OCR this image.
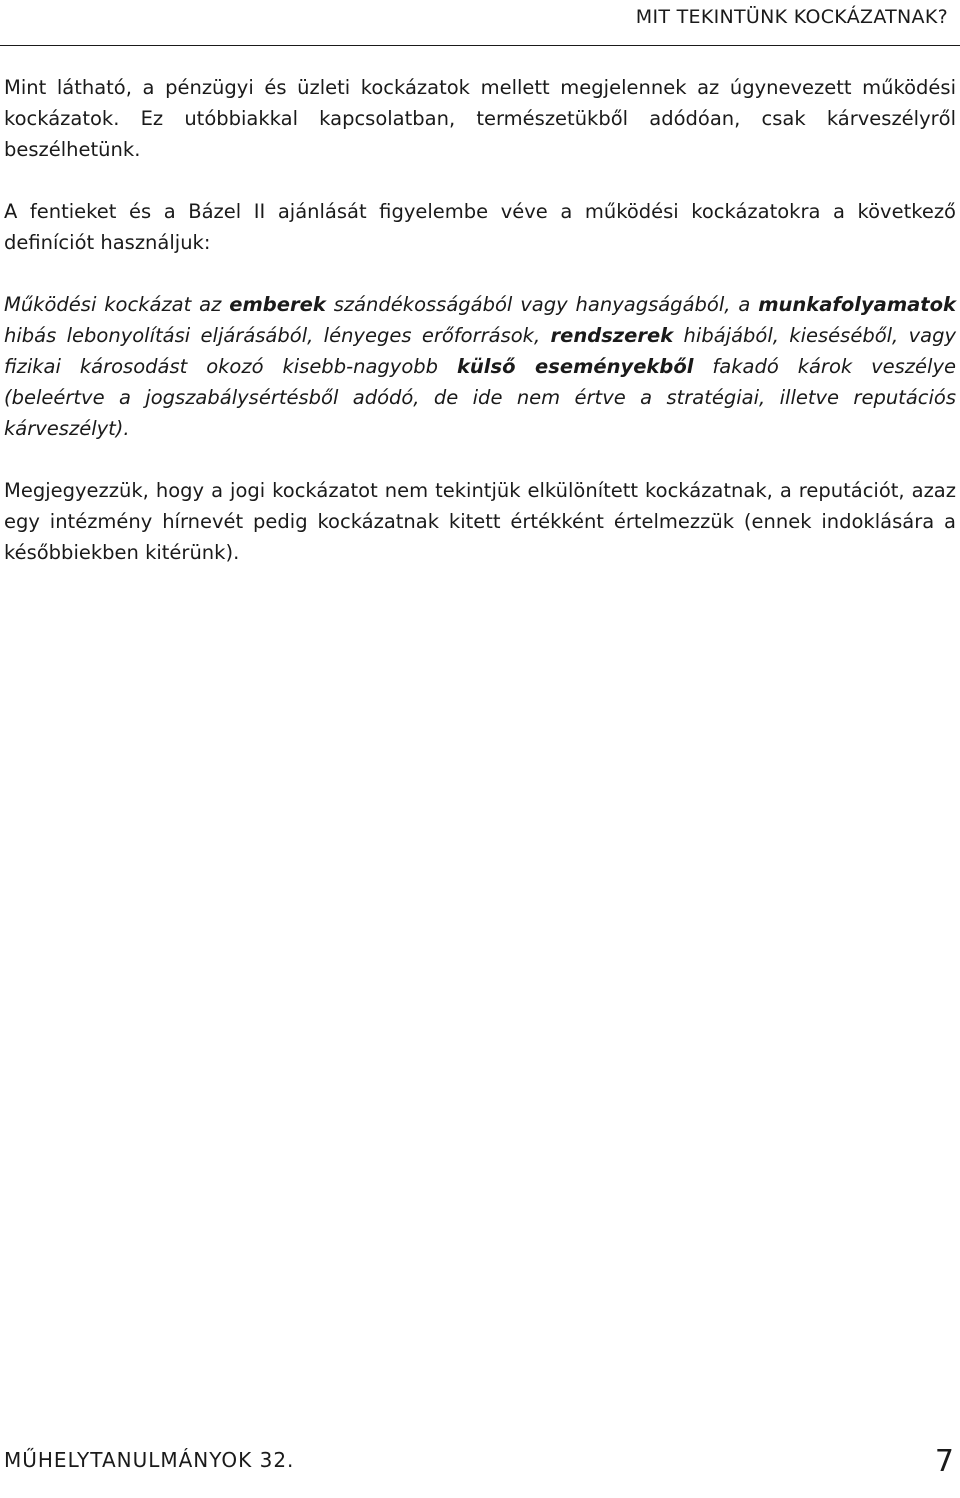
MIT TEKINTÜNK KOCKÁZATNAK?

Mint látható, a pénzügyi és üzleti kockázatok mellett megjelennek az úgynevezett működési kockázatok. Ez utóbbiakkal kapcsolatban, természetükből adódóan, csak kárveszélyről beszélhetünk.

A fentieket és a Bázel II ajánlását figyelembe véve a működési kockázatokra a következő definíciót használjuk:

Működési kockázat az emberek szándékosságából vagy hanyagságából, a munkafolyamatok hibás lebonyolítási eljárásából, lényeges erőforrások, rendszerek hibájából, kieséséből, vagy fizikai károsodást okozó kisebb-nagyobb külső eseményekből fakadó károk veszélye (beleértve a jogszabálysértésből adódó, de ide nem értve a stratégiai, illetve reputációs kárveszélyt).

Megjegyezzük, hogy a jogi kockázatot nem tekintjük elkülönített kockázatnak, a reputációt, azaz egy intézmény hírnevét pedig kockázatnak kitett értékként értelmezzük (ennek indoklására a későbbiekben kitérünk).

MŰHELYTANULMÁNYOK 32.	7
